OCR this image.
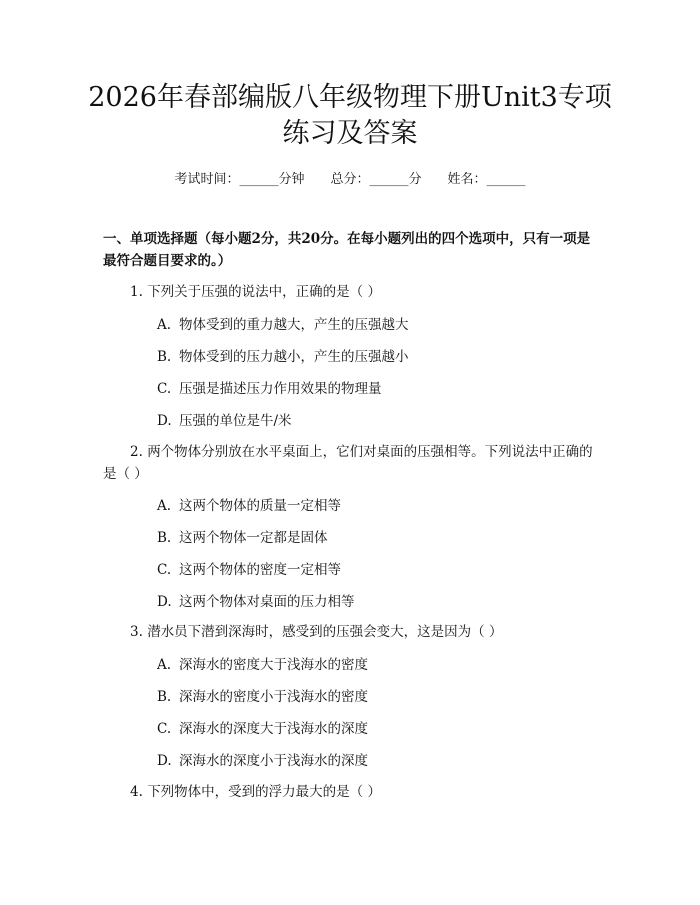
2026年春部编版八年级物理下册Unit3专项
练习及答案
考试时间：______分钟 总分：______分 姓名：______

一、单项选择题（每小题2分，共20分。在每小题列出的四个选项中，只有一项是最符合题目要求的。）

1. 下列关于压强的说法中，正确的是（ ）

A. 物体受到的重力越大，产生的压强越大
B. 物体受到的压力越小，产生的压强越小
C. 压强是描述压力作用效果的物理量
D. 压强的单位是牛/米

2. 两个物体分别放在水平桌面上，它们对桌面的压强相等。下列说法中正确的是（ ）

A. 这两个物体的质量一定相等
B. 这两个物体一定都是固体
C. 这两个物体的密度一定相等
D. 这两个物体对桌面的压力相等

3. 潜水员下潜到深海时，感受到的压强会变大，这是因为（ ）

A. 深海水的密度大于浅海水的密度
B. 深海水的密度小于浅海水的密度
C. 深海水的深度大于浅海水的深度
D. 深海水的深度小于浅海水的深度

4. 下列物体中，受到的浮力最大的是（ ）
